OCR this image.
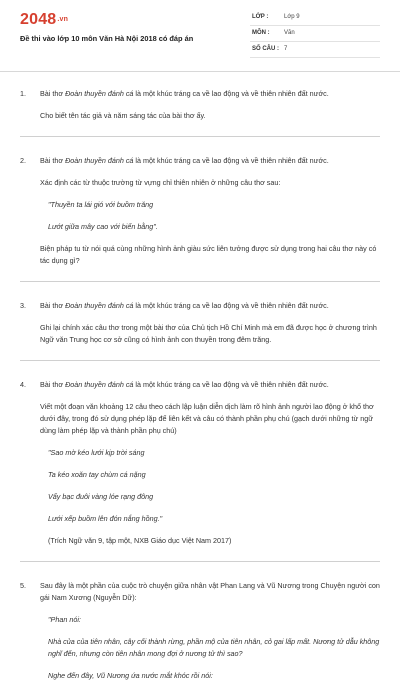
$2048^{.vn}$
Đề thi vào lớp 10 môn Văn Hà Nội 2018 có đáp án
LỚP :	Lớp 9
MÔN : Văn
SỐ CÂU : 7
1. Bài thơ Đoàn thuyền đánh cá là một khúc tráng ca về lao động và về thiên nhiên đất nước.
Cho biết tên tác giả và năm sáng tác của bài thơ ấy.
2. Bài thơ Đoàn thuyền đánh cá là một khúc tráng ca về lao động và về thiên nhiên đất nước.
Xác định các từ thuộc trường từ vựng chỉ thiên nhiên ở những câu thơ sau:
"Thuyền ta lái gió với buồm trăng
Lướt giữa mây cao với biển bằng".
Biện pháp tu từ nói quá cùng những hình ảnh giàu sức liên tưởng được sử dụng trong hai câu thơ này có tác dụng gì?
3. Bài thơ Đoàn thuyền đánh cá là một khúc tráng ca về lao động và về thiên nhiên đất nước.
Ghi lại chính xác câu thơ trong một bài thơ của Chủ tịch Hồ Chí Minh mà em đã được học ở chương trình Ngữ văn Trung học cơ sở cũng có hình ảnh con thuyền trong đêm trăng.
4. Bài thơ Đoàn thuyền đánh cá là một khúc tráng ca về lao động và về thiên nhiên đất nước.
Viết một đoạn văn khoảng 12 câu theo cách lập luận diễn dịch làm rõ hình ảnh người lao động ở khổ thơ dưới đây, trong đó sử dụng phép lặp để liên kết và câu có thành phần phụ chú (gạch dưới những từ ngữ dùng làm phép lặp và thành phần phụ chú)
"Sao mờ kéo lưới kịp trời sáng
Ta kéo xoăn tay chùm cá nặng
Vẩy bạc đuôi vàng lóe rạng đông
Lưới xếp buồm lên đón nắng hồng."
(Trích Ngữ văn 9, tập một, NXB Giáo dục Việt Nam 2017)
5. Sau đây là một phần của cuộc trò chuyện giữa nhân vật Phan Lang và Vũ Nương trong Chuyện người con gái Nam Xương (Nguyễn Dữ):
"Phan nói:
Nhà của của tiên nhân, cây cối thành rừng, phần mộ của tiên nhân, cỏ gai lấp mất. Nương tử dẫu không nghĩ đến, nhưng còn tiên nhân mong đợi ở nương tử thì sao?
Nghe đến đây, Vũ Nương ứa nước mắt khóc rồi nói:
